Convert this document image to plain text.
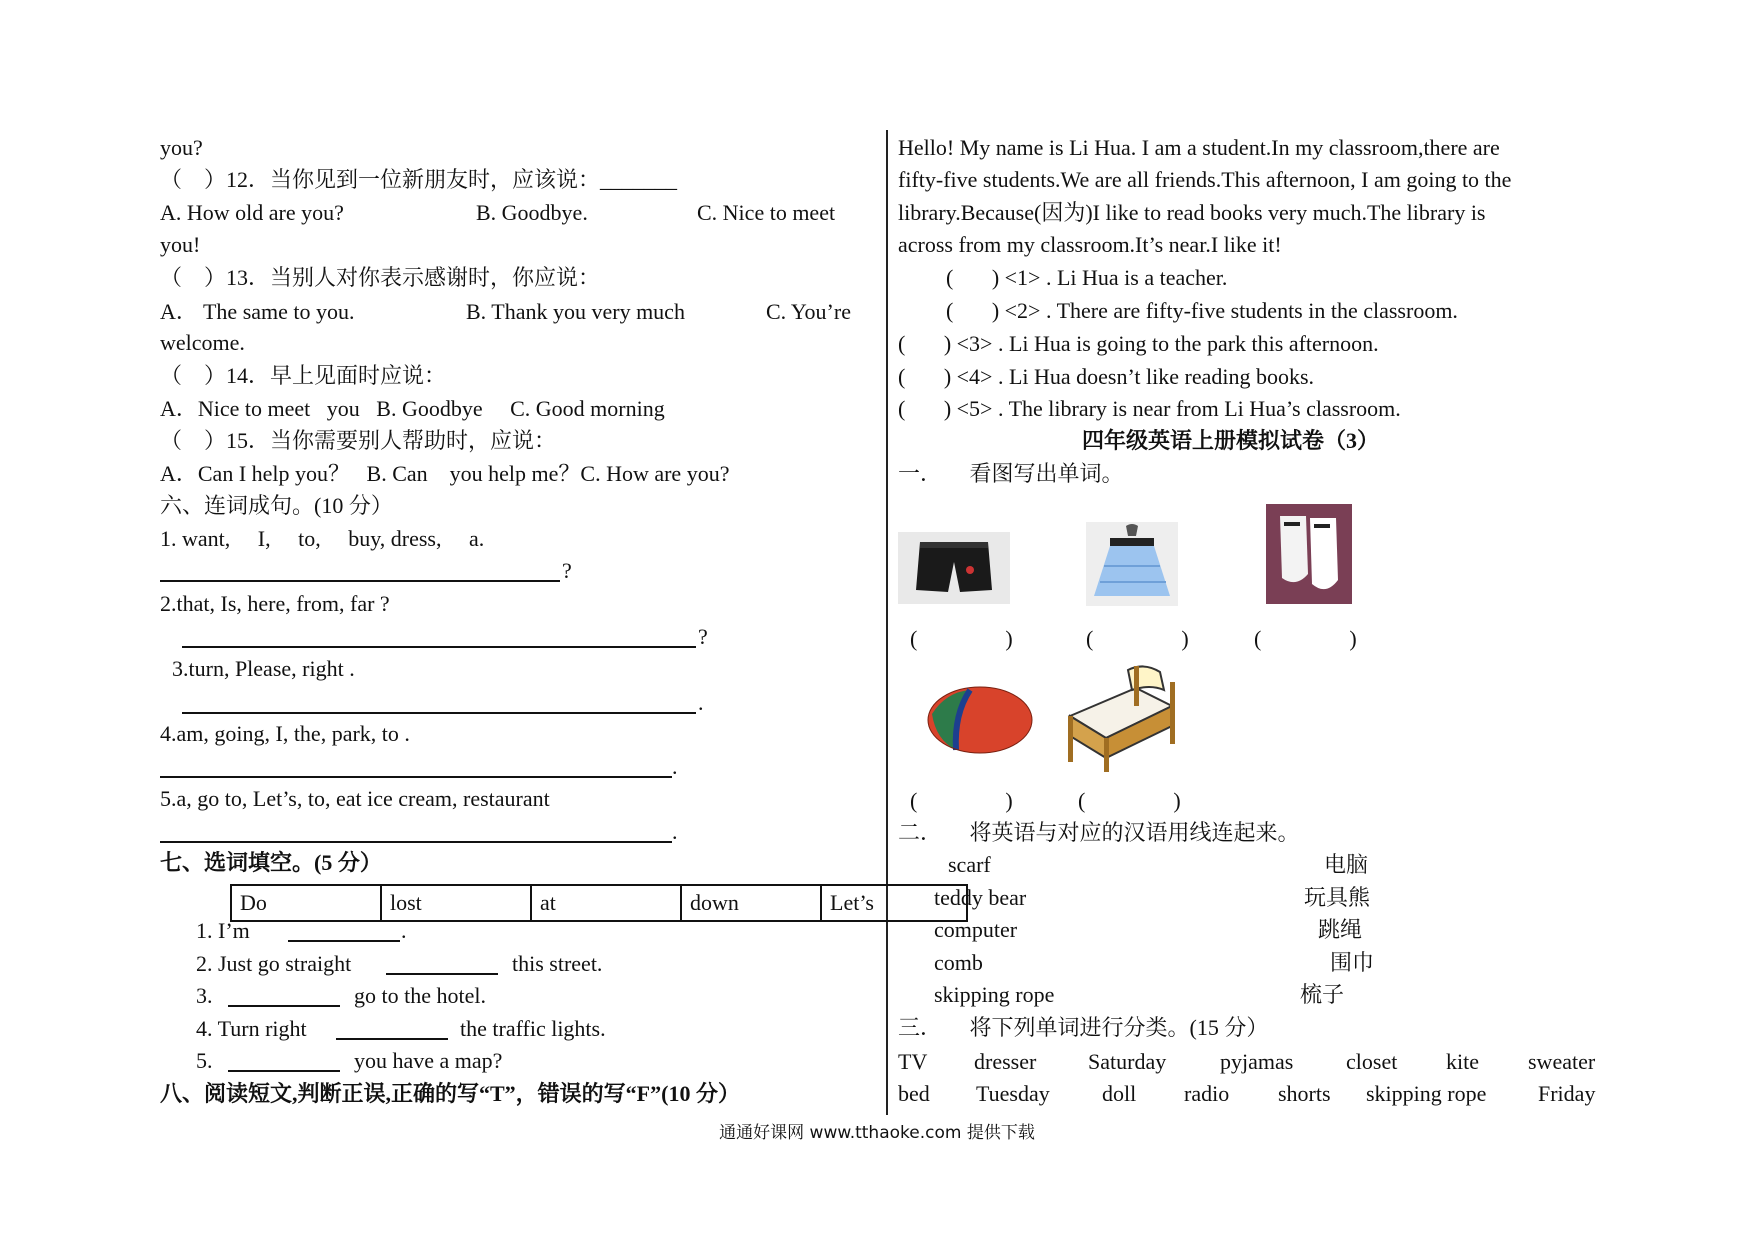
you?
（　）12．当你见到一位新朋友时，应该说：_______
A. How old are you?	B. Goodbye.	C. Nice to meet
you!
（　）13．当别人对你表示感谢时，你应说：
A． The same to you.	B. Thank you very much	C. You’re
welcome.
（　）14．早上见面时应说：
A．Nice to meet   you   B. Goodbye     C. Good morning
（　）15．当你需要别人帮助时，应说：
A．Can I help you？   B. Can    you help me？C. How are you?
六、连词成句。(10 分）
1. want,     I,     to,     buy, dress,     a.
?
2.that, Is, here, from, far ?
?
3.turn, Please, right .
.
4.am, going, I, the, park, to .
.
5.a, go to, Let’s, to, eat ice cream, restaurant
.
七、选词填空。(5 分）
Do	lost	at	down	Let’s
1. I’m	.
2. Just go straight	this street.
3.	go to the hotel.
4. Turn right	the traffic lights.
5.	you have a map?
八、阅读短文,判断正误,正确的写“T”，错误的写“F”(10 分）
Hello! My name is Li Hua. I am a student.In my classroom,there are
fifty-five students.We are all friends.This afternoon, I am going to the
library.Because(因为)I like to read books very much.The library is
across from my classroom.It’s near.I like it!
(       ) <1> . Li Hua is a teacher.
(       ) <2> . There are fifty-five students in the classroom.
(       ) <3> . Li Hua is going to the park this afternoon.
(       ) <4> . Li Hua doesn’t like reading books.
(       ) <5> . The library is near from Li Hua’s classroom.
四年级英语上册模拟试卷（3）
一．     看图写出单词。
(                )	(                )	(                )
(                )	(                )
二．     将英语与对应的汉语用线连起来。
scarf
teddy bear
computer
comb
skipping rope
电脑
玩具熊
跳绳
围巾
梳子
三．     将下列单词进行分类。(15 分）
TV dresser Saturday pyjamas closet kite sweater
bed Tuesday doll radio shorts skipping rope Friday
通通好课网 www.tthaoke.com 提供下载
